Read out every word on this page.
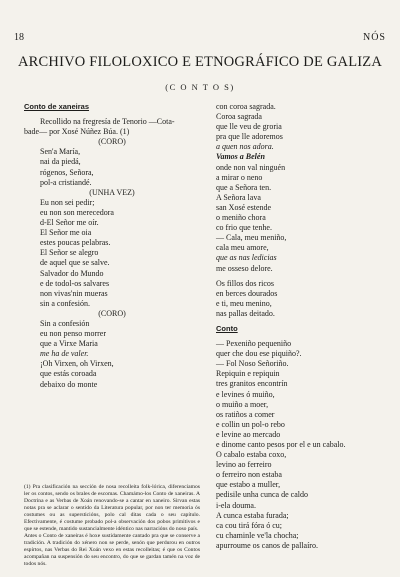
18	NÓS
ARCHIVO FILOLOXICO E ETNOGRÁFICO DE GALIZA
(C O N T O S)
Conto de xaneiras
Recollido na fregresía de Tenorio —Cota-
bade— por Xosé Núñez Búa. (1)
(CORO)
Sen'a María,
nai da piedá,
rógenos, Señora,
pol-a cristiandé.
(UNHA VEZ)
Eu non sei pedir;
eu non son merecedora
d-El Señor me oír.
El Señor me oia
estes poucas pelabras.
El Señor se alegro
de aquel que se salve.
Salvador do Mundo
e de todol-os salvares
non vivas'nin mueras
sin a confesión.
(CORO)
Sin a confesión
eu non penso morrer
que a Virxe Maria
me ha de valer.
¡Oh Virxen, oh Virxen,
que estás coroada
debaixo do monte
(1) Pra clasificación na sección de nosa recolleita folk-lórica, diferenciamos ler os contos, sendo os brales de escomas. Chamámo-los Conto de xaneiras. A Doctrina e as Verbas de Xoán renovando-se a cantar en xaneiro. Sirvan estas notas pra se aclarar o sentido da Literatura popular, por non ter memoria ós costumes ou as supersticións, polo cal ditas cada o seu capítulo. Efectivamente, é costume probado pol-a observación dos pobos primitivos e que se estende, mantido sustancialmente idéntico nas narracións do noso país.
Antes o Conto de xaneiras é hoxe sustidamente cantado pra que se conserve a tradición. A tradición do xénero non se perde, senón que perdurou en outros espírtos, nas Verbas do Rei Xoán vexo en estas recolleitas; é que os Contos acompañan na suspensión do seu encontro, do que se gardan tamén na voz de todos nós.
con coroa sagrada.
Coroa sagrada
que lle veu de groria
pra que lle adoremos
a quen nos adora.
Vamos a Belén
onde non val ninguén
a mirar o neno
que a Señora ten.
A Señora lava
san Xosé estende
o meniño chora
co frio que tenhe.
— Cala, meu meniño,
cala meu amore,
que as nas ledicias
me osseso delore.
Os fillos dos ricos
en berces dourados
e ti, meu menino,
nas pallas deitado.
Conto
— Pexeniño pequeniño
quer che dou ese piquiño?.
— Fol Noso Señoriño.
Repiquin e repiquin
tres granitos encontrín
e levines ó muiño,
o muiño a moer,
os ratiños a comer
e collin un pol-o rebo
e levine ao mercado
e dinome canto pesos por el e un cabalo.
O cabalo estaba coxo,
levino ao ferreiro
o ferreiro non estaba
que estabo a muller,
pedisile unha cunca de caldo
i-ela douma.
A cunca estaba furada;
ca cou tirá fóra ó cu;
cu chaminle ve'la chocha;
apurroume os canos de pallaíro.
